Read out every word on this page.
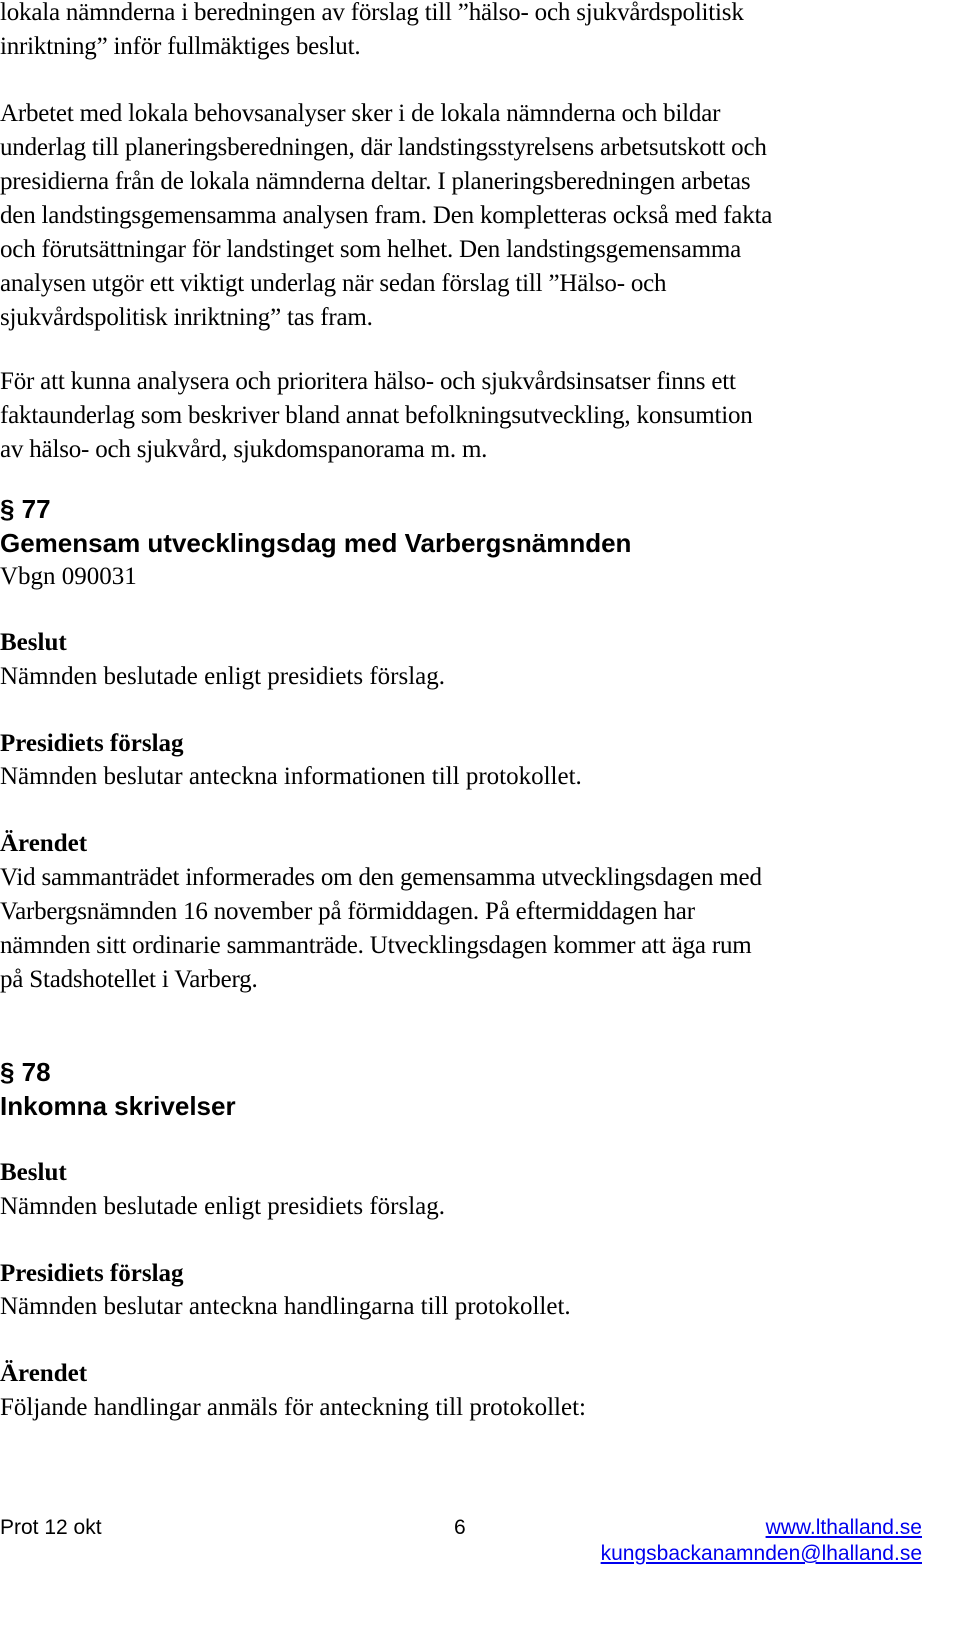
lokala nämnderna i beredningen av förslag till ”hälso- och sjukvårdspolitisk
inriktning” inför fullmäktiges beslut.

Arbetet med lokala behovsanalyser sker i de lokala nämnderna och bildar
underlag till planeringsberedningen, där landstingsstyrelsens arbetsutskott och
presidierna från de lokala nämnderna deltar. I planeringsberedningen arbetas
den landstingsgemensamma analysen fram. Den kompletteras också med fakta
och förutsättningar för landstinget som helhet. Den landstingsgemensamma
analysen utgör ett viktigt underlag när sedan förslag till ”Hälso- och
sjukvårdspolitisk inriktning” tas fram.

För att kunna analysera och prioritera hälso- och sjukvårdsinsatser finns ett
faktaunderlag som beskriver bland annat befolkningsutveckling, konsumtion
av hälso- och sjukvård, sjukdomspanorama m. m.

§ 77
Gemensam utvecklingsdag med Varbergsnämnden

Vbgn 090031

Beslut

Nämnden beslutade enligt presidiets förslag.

Presidiets förslag

Nämnden beslutar anteckna informationen till protokollet.

Ärendet

Vid sammanträdet informerades om den gemensamma utvecklingsdagen med
Varbergsnämnden 16 november på förmiddagen. På eftermiddagen har
nämnden sitt ordinarie sammanträde. Utvecklingsdagen kommer att äga rum
på Stadshotellet i Varberg.

§ 78
Inkomna skrivelser

Beslut

Nämnden beslutade enligt presidiets förslag.

Presidiets förslag

Nämnden beslutar anteckna handlingarna till protokollet.

Ärendet

Följande handlingar anmäls för anteckning till protokollet:

Prot 12 okt	6	www.lthalland.se
kungsbackanamnden@lhalland.se
